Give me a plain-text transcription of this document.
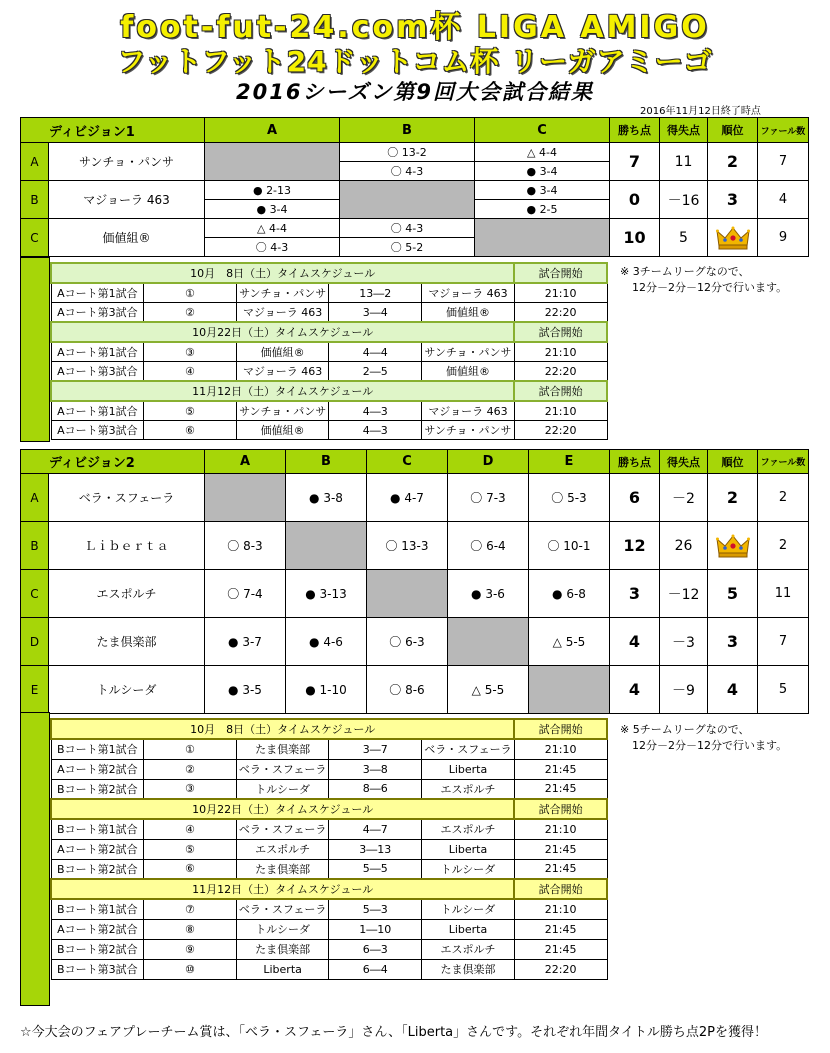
foot-fut-24.com杯 LIGA AMIGO
フットフット24ドットコム杯 リーガアミーゴ
2016シーズン第9回大会試合結果
2016年11月12日終了時点
ディビジョン1		A	B	C	勝ち点	得失点	順位	ファール数
A	サンチョ・パンサ		〇 13-2	△ 4-4	7	11	2	7
			〇 4-3	● 3-4				
B	マジョーラ 463	● 2-13		● 3-4	0	－16	3	4
		● 3-4		● 2-5				
C	価値組®	△ 4-4	〇 4-3		10	5		9
		〇 4-3	〇 5-2					
10月　8日（土）タイムスケジュール					試合開始
Aコート第1試合	①	サンチョ・パンサ	13―2	マジョーラ 463	21:10
Aコート第3試合	②	マジョーラ 463	3―4	価値組®	22:20
10月22日（土）タイムスケジュール					試合開始
Aコート第1試合	③	価値組®	4―4	サンチョ・パンサ	21:10
Aコート第3試合	④	マジョーラ 463	2―5	価値組®	22:20
11月12日（土）タイムスケジュール					試合開始
Aコート第1試合	⑤	サンチョ・パンサ	4―3	マジョーラ 463	21:10
Aコート第3試合	⑥	価値組®	4―3	サンチョ・パンサ	22:20
※ 3チームリーグなので、
12分－2分－12分で行います。
ディビジョン2		A	B	C	D	E	勝ち点	得失点	順位	ファール数
A	ベラ・スフェーラ		● 3-8	● 4-7	〇 7-3	〇 5-3	6	－2	2	2
B	Ｌｉｂｅｒｔａ	〇 8-3		〇 13-3	〇 6-4	〇 10-1	12	26		2
C	エスポルチ	〇 7-4	● 3-13		● 3-6	● 6-8	3	－12	5	11
D	たま倶楽部	● 3-7	● 4-6	〇 6-3		△ 5-5	4	－3	3	7
E	トルシーダ	● 3-5	● 1-10	〇 8-6	△ 5-5		4	－9	4	5
10月　8日（土）タイムスケジュール					試合開始
Bコート第1試合	①	たま倶楽部	3―7	ベラ・スフェーラ	21:10
Aコート第2試合	②	ベラ・スフェーラ	3―8	Liberta	21:45
Bコート第2試合	③	トルシーダ	8―6	エスポルチ	21:45
10月22日（土）タイムスケジュール					試合開始
Bコート第1試合	④	ベラ・スフェーラ	4―7	エスポルチ	21:10
Aコート第2試合	⑤	エスポルチ	3―13	Liberta	21:45
Bコート第2試合	⑥	たま倶楽部	5―5	トルシーダ	21:45
11月12日（土）タイムスケジュール					試合開始
Bコート第1試合	⑦	ベラ・スフェーラ	5―3	トルシーダ	21:10
Aコート第2試合	⑧	トルシーダ	1―10	Liberta	21:45
Bコート第2試合	⑨	たま倶楽部	6―3	エスポルチ	21:45
Bコート第3試合	⑩	Liberta	6―4	たま倶楽部	22:20
※ 5チームリーグなので、
12分－2分－12分で行います。
☆今大会のフェアプレーチーム賞は、「ベラ・スフェーラ」さん、「Liberta」さんです。それぞれ年間タイトル勝ち点2Pを獲得！
